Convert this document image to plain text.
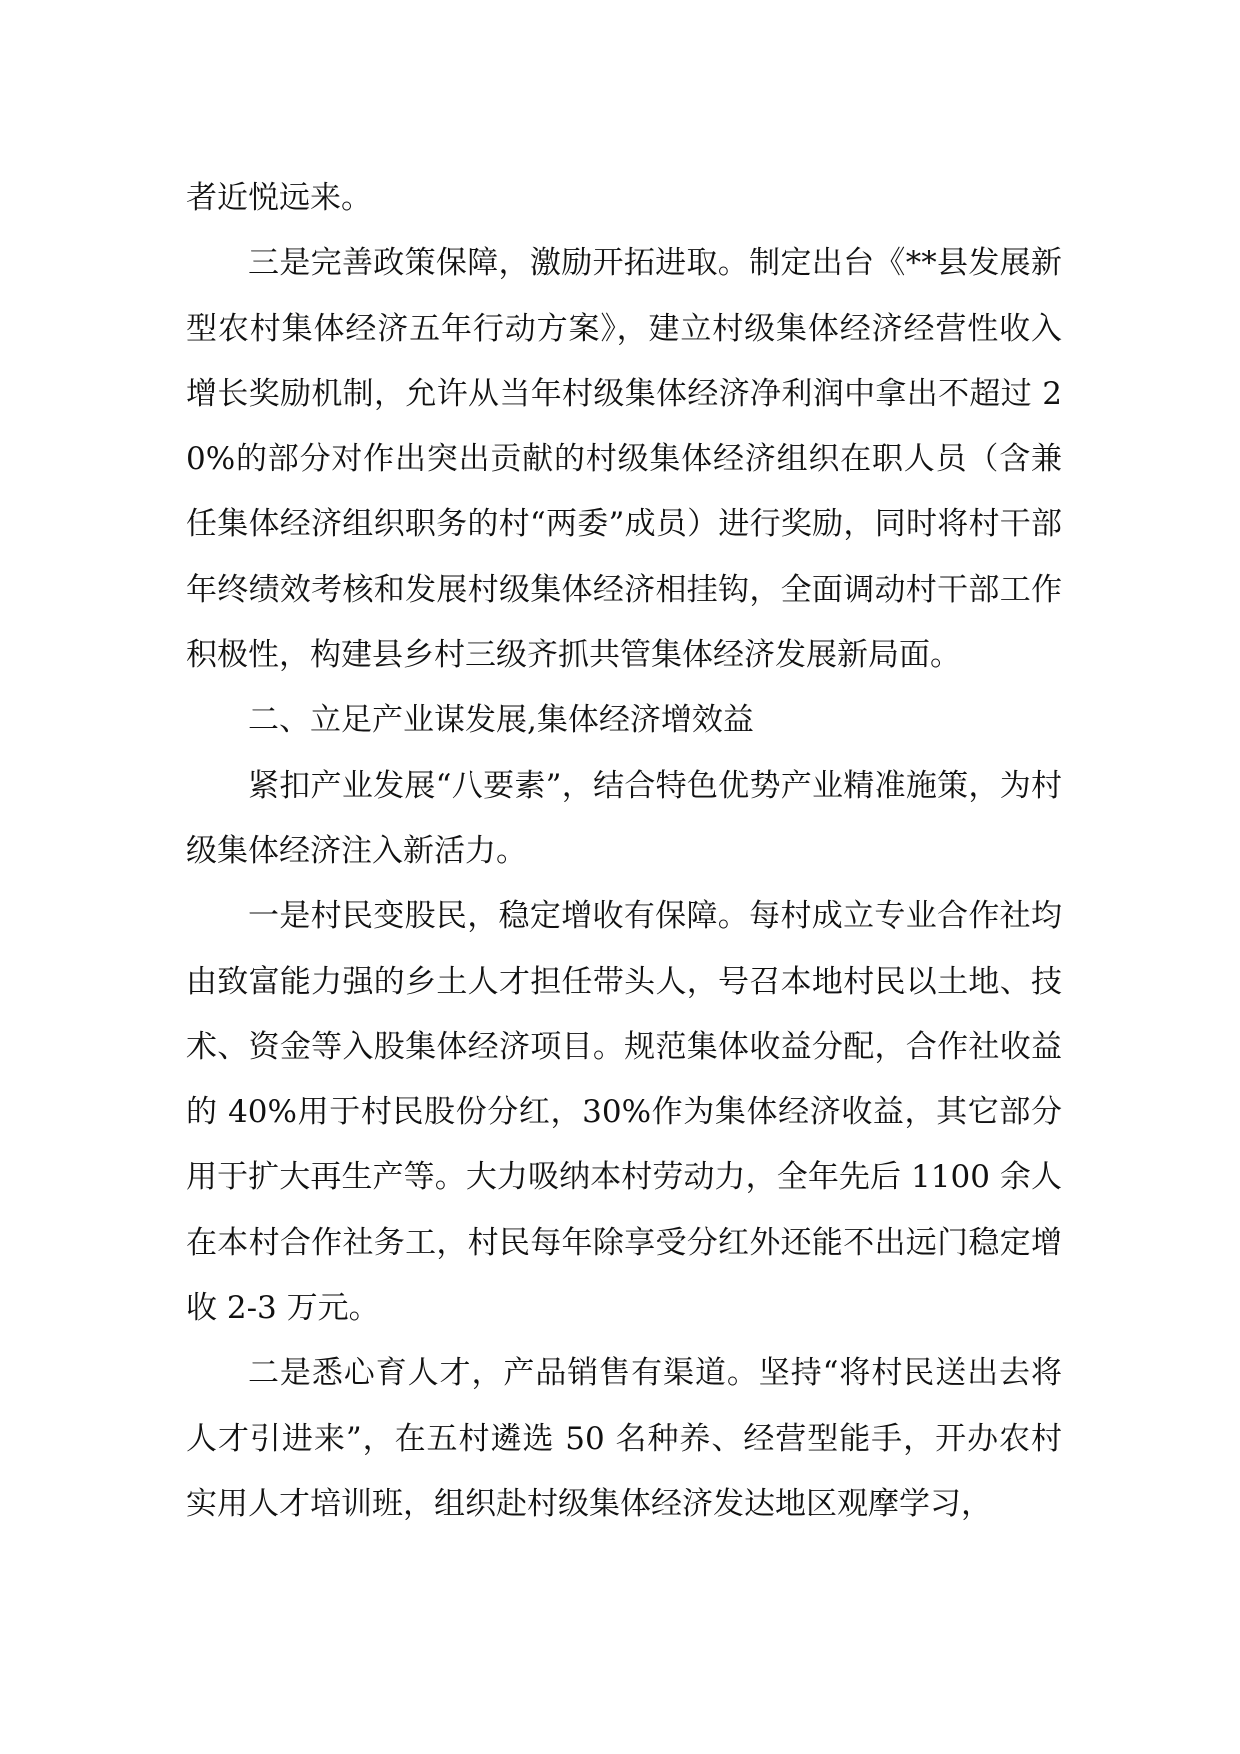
者近悦远来。

三是完善政策保障，激励开拓进取。制定出台《**县发展新型农村集体经济五年行动方案》，建立村级集体经济经营性收入增长奖励机制，允许从当年村级集体经济净利润中拿出不超过 20%的部分对作出突出贡献的村级集体经济组织在职人员（含兼任集体经济组织职务的村“两委”成员）进行奖励，同时将村干部年终绩效考核和发展村级集体经济相挂钩，全面调动村干部工作积极性，构建县乡村三级齐抓共管集体经济发展新局面。

二、立足产业谋发展,集体经济增效益

紧扣产业发展“八要素”，结合特色优势产业精准施策，为村级集体经济注入新活力。

一是村民变股民，稳定增收有保障。每村成立专业合作社均由致富能力强的乡土人才担任带头人，号召本地村民以土地、技术、资金等入股集体经济项目。规范集体收益分配，合作社收益的 40%用于村民股份分红，30%作为集体经济收益，其它部分用于扩大再生产等。大力吸纳本村劳动力，全年先后 1100 余人在本村合作社务工，村民每年除享受分红外还能不出远门稳定增收 2-3 万元。

二是悉心育人才，产品销售有渠道。坚持“将村民送出去将人才引进来”，在五村遴选 50 名种养、经营型能手，开办农村实用人才培训班，组织赴村级集体经济发达地区观摩学习，
